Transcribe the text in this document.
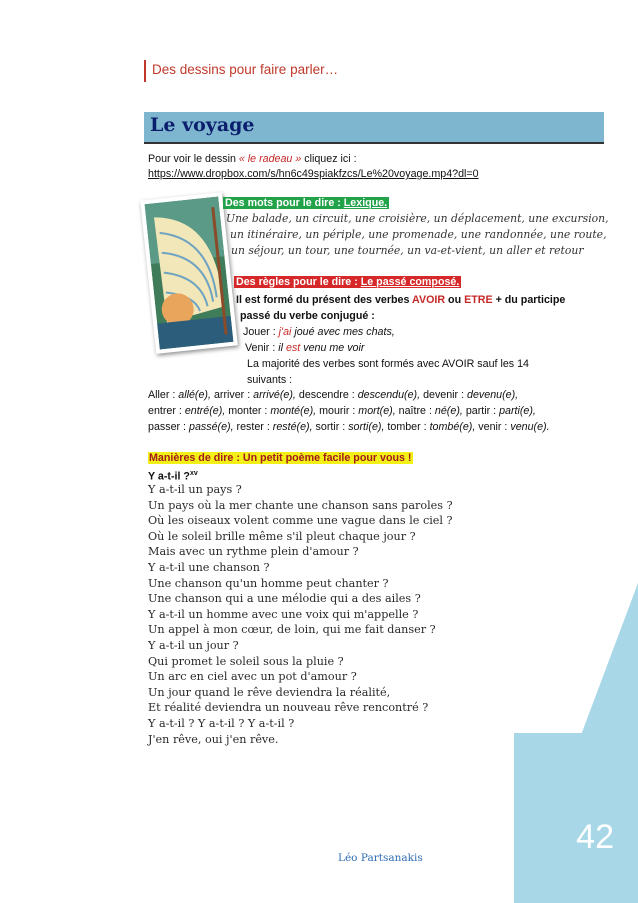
Des dessins pour faire parler…
Le voyage
Pour voir le dessin « le radeau » cliquez ici :
https://www.dropbox.com/s/hn6c49spiakfzcs/Le%20voyage.mp4?dl=0
Des mots pour le dire : Lexique.
Une balade, un circuit, une croisière, un déplacement, une excursion,
un itinéraire, un périple, une promenade, une randonnée, une route,
un séjour, un tour, une tournée, un va-et-vient, un aller et retour
Des règles pour le dire : Le passé composé.
Il est formé du présent des verbes AVOIR ou ETRE + du participe
passé du verbe conjugué :
Jouer : j'ai joué avec mes chats,
Venir : il est venu me voir
La majorité des verbes sont formés avec AVOIR sauf les 14
suivants :
Aller : allé(e), arriver : arrivé(e), descendre : descendu(e), devenir : devenu(e),
entrer : entré(e), monter : monté(e), mourir : mort(e), naître : né(e), partir : parti(e),
passer : passé(e), rester : resté(e), sortir : sorti(e), tomber : tombé(e), venir : venu(e).
Manières de dire : Un petit poème facile pour vous !
Y a-t-il ?$^{xv}$
Y a-t-il un pays ?
Un pays où la mer chante une chanson sans paroles ?
Où les oiseaux volent comme une vague dans le ciel ?
Où le soleil brille même s'il pleut chaque jour ?
Mais avec un rythme plein d'amour ?
Y a-t-il une chanson ?
Une chanson qu'un homme peut chanter ?
Une chanson qui a une mélodie qui a des ailes ?
Y a-t-il un homme avec une voix qui m'appelle ?
Un appel à mon cœur, de loin, qui me fait danser ?
Y a-t-il un jour ?
Qui promet le soleil sous la pluie ?
Un arc en ciel avec un pot d'amour ?
Un jour quand le rêve deviendra la réalité,
Et réalité deviendra un nouveau rêve rencontré ?
Y a-t-il ? Y a-t-il ? Y a-t-il ?
J'en rêve, oui j'en rêve.
42
Léo Partsanakis
